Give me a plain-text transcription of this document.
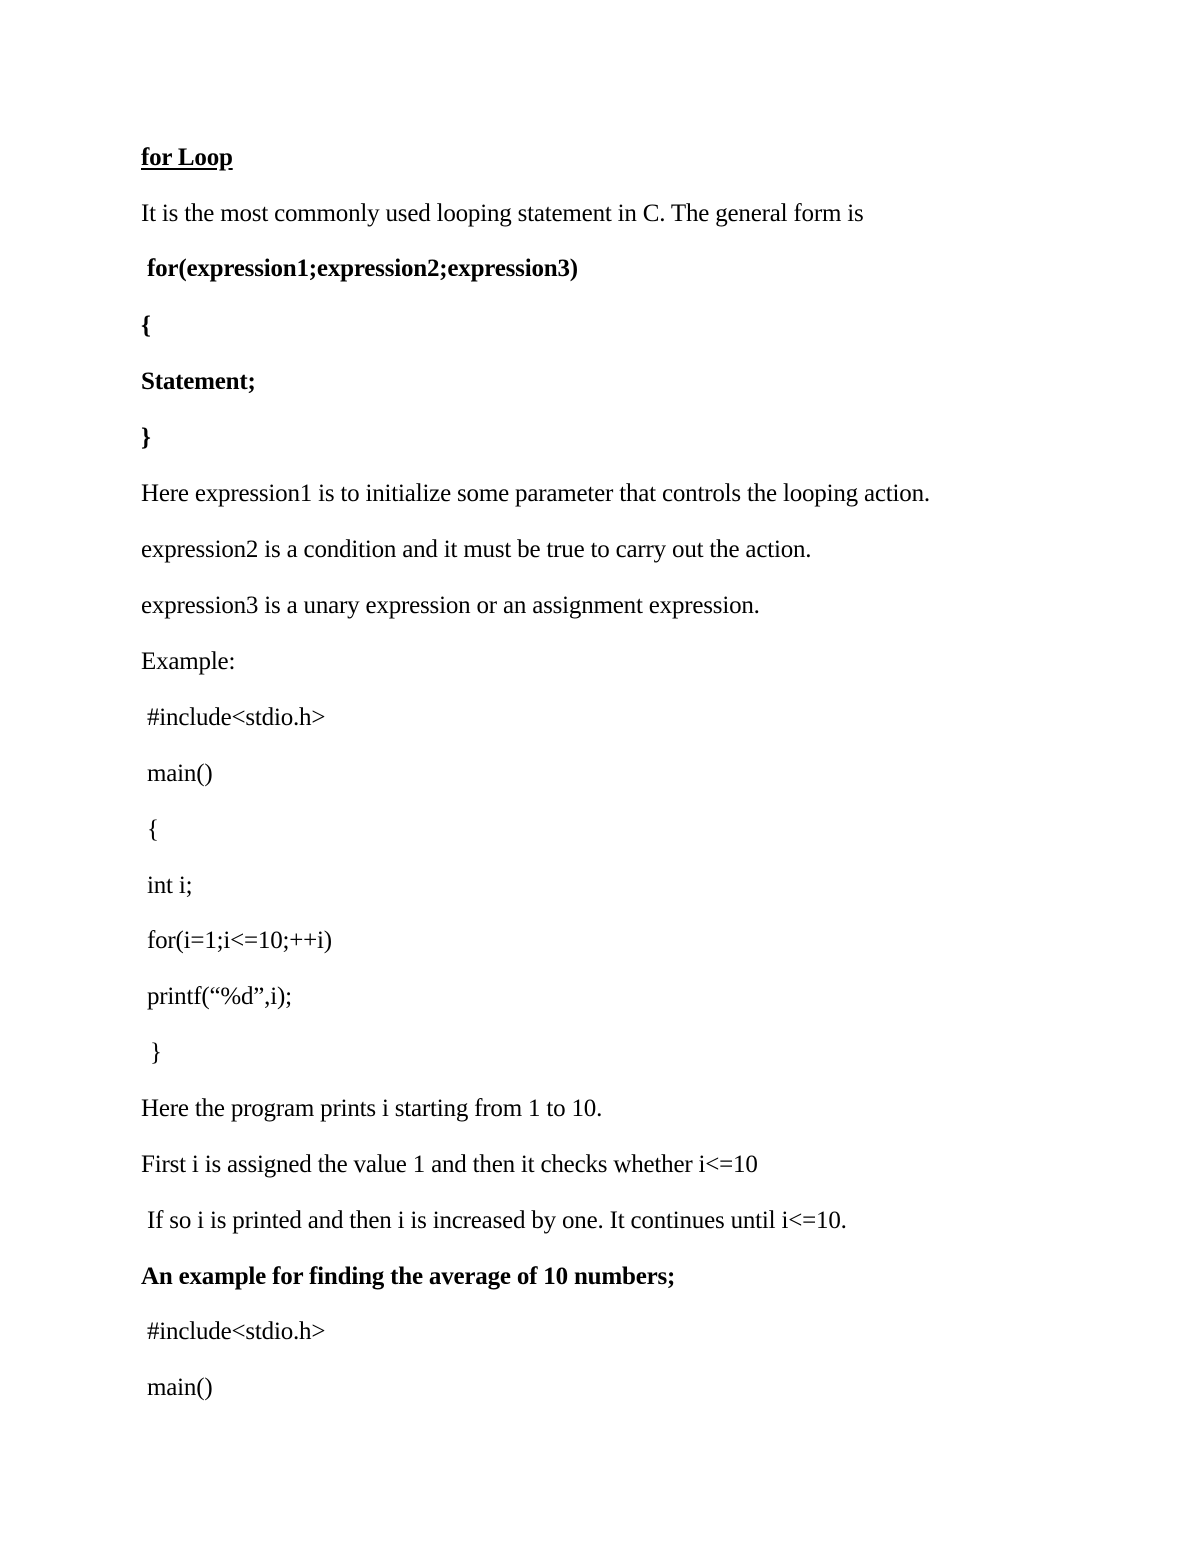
for Loop
It is the most commonly used looping statement in C. The general form is
for(expression1;expression2;expression3)
{
Statement;
}
Here expression1 is to initialize some parameter that controls the looping action.
expression2 is a condition and it must be true to carry out the action.
expression3 is a unary expression or an assignment expression.
Example:
#include<stdio.h>
main()
{
int i;
for(i=1;i<=10;++i)
printf(“%d”,i);
}
Here the program prints i starting from 1 to 10.
First i is assigned the value 1 and then it checks whether i<=10
If so i is printed and then i is increased by one. It continues until i<=10.
An example for finding the average of 10 numbers;
#include<stdio.h>
main()
